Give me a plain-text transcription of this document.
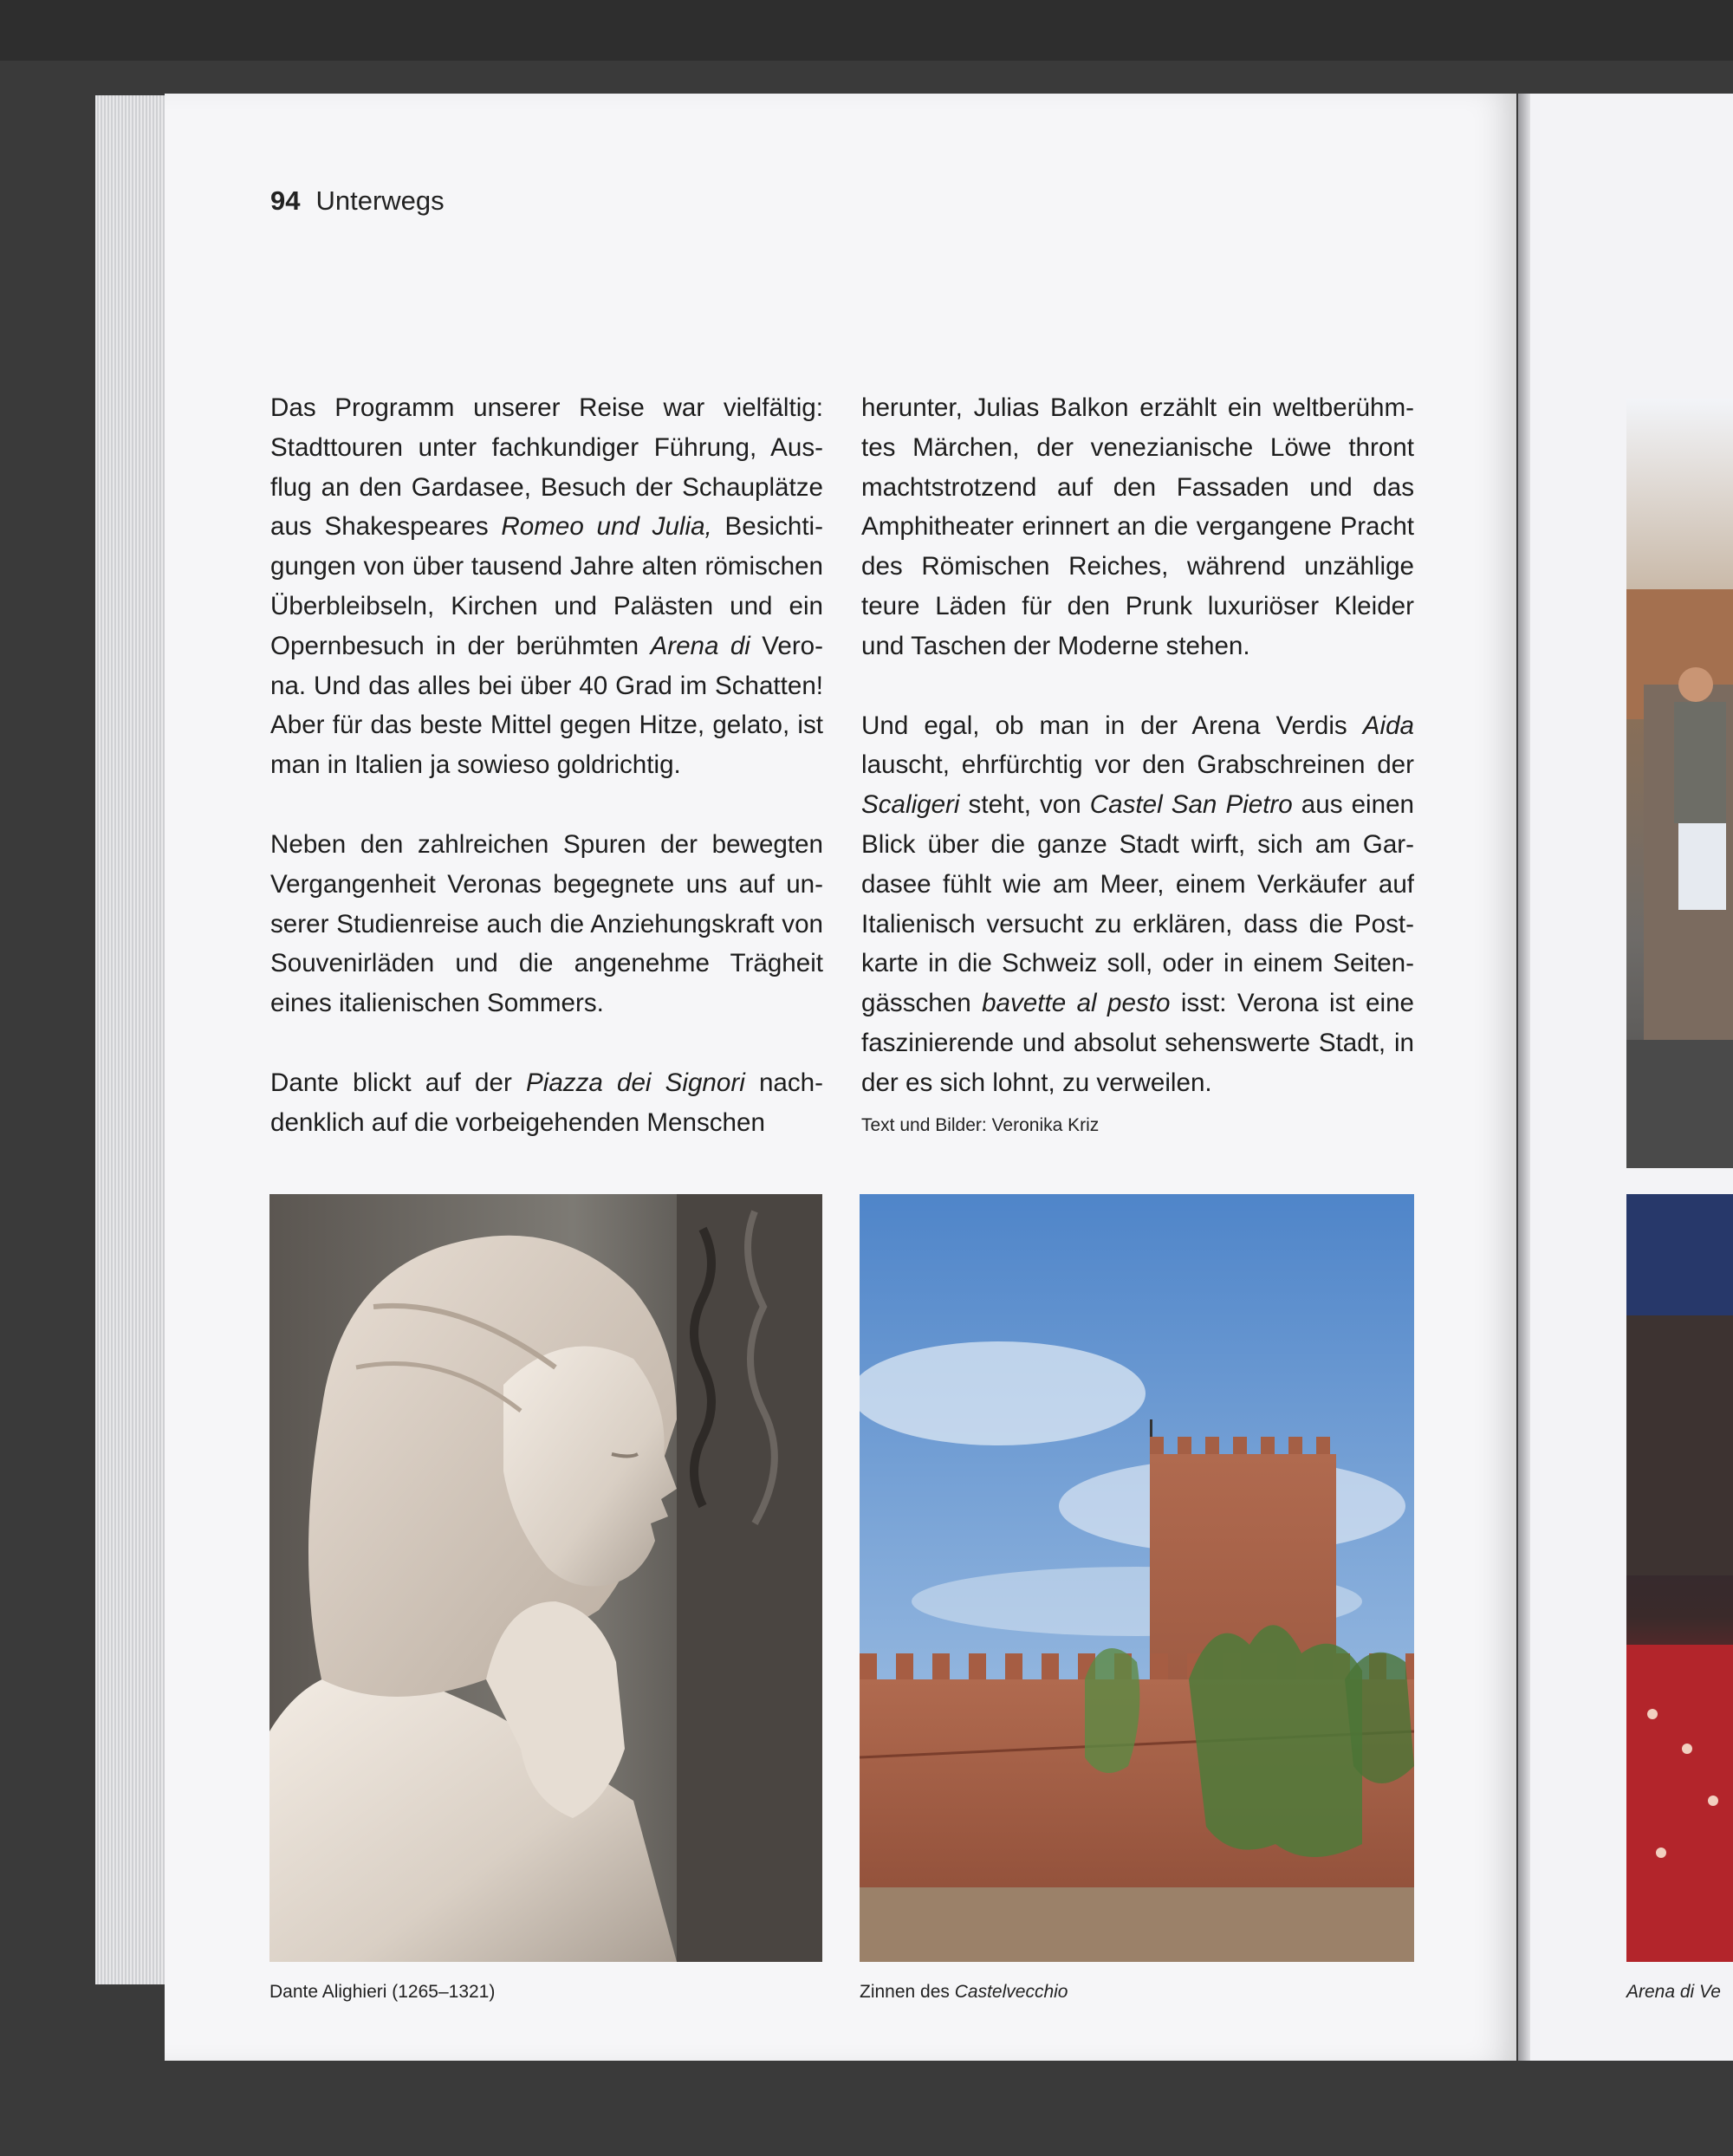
94 Unterwegs

Das Programm unserer Reise war vielfältig: Stadttouren unter fachkundiger Führung, Ausflug an den Gardasee, Besuch der Schauplätze aus Shakespeares Romeo und Julia, Besichtigungen von über tausend Jahre alten römischen Überbleibseln, Kirchen und Palästen und ein Opernbesuch in der berühmten Arena di Verona. Und das alles bei über 40 Grad im Schatten! Aber für das beste Mittel gegen Hitze, gelato, ist man in Italien ja sowieso goldrichtig.

Neben den zahlreichen Spuren der bewegten Vergangenheit Veronas begegnete uns auf unserer Studienreise auch die Anziehungskraft von Souvenirläden und die angenehme Trägheit eines italienischen Sommers.

Dante blickt auf der Piazza dei Signori nachdenklich auf die vorbeigehenden Menschen

herunter, Julias Balkon erzählt ein weltberühmtes Märchen, der venezianische Löwe thront machtstrotzend auf den Fassaden und das Amphitheater erinnert an die vergangene Pracht des Römischen Reiches, während unzählige teure Läden für den Prunk luxuriöser Kleider und Taschen der Moderne stehen.

Und egal, ob man in der Arena Verdis Aida lauscht, ehrfürchtig vor den Grabschreinen der Scaligeri steht, von Castel San Pietro aus einen Blick über die ganze Stadt wirft, sich am Gardasee fühlt wie am Meer, einem Verkäufer auf Italienisch versucht zu erklären, dass die Postkarte in die Schweiz soll, oder in einem Seitengässchen bavette al pesto isst: Verona ist eine faszinierende und absolut sehenswerte Stadt, in der es sich lohnt, zu verweilen.

Text und Bilder: Veronika Kriz
Dante Alighieri (1265–1321)	Zinnen des Castelvecchio	Arena di Ve
